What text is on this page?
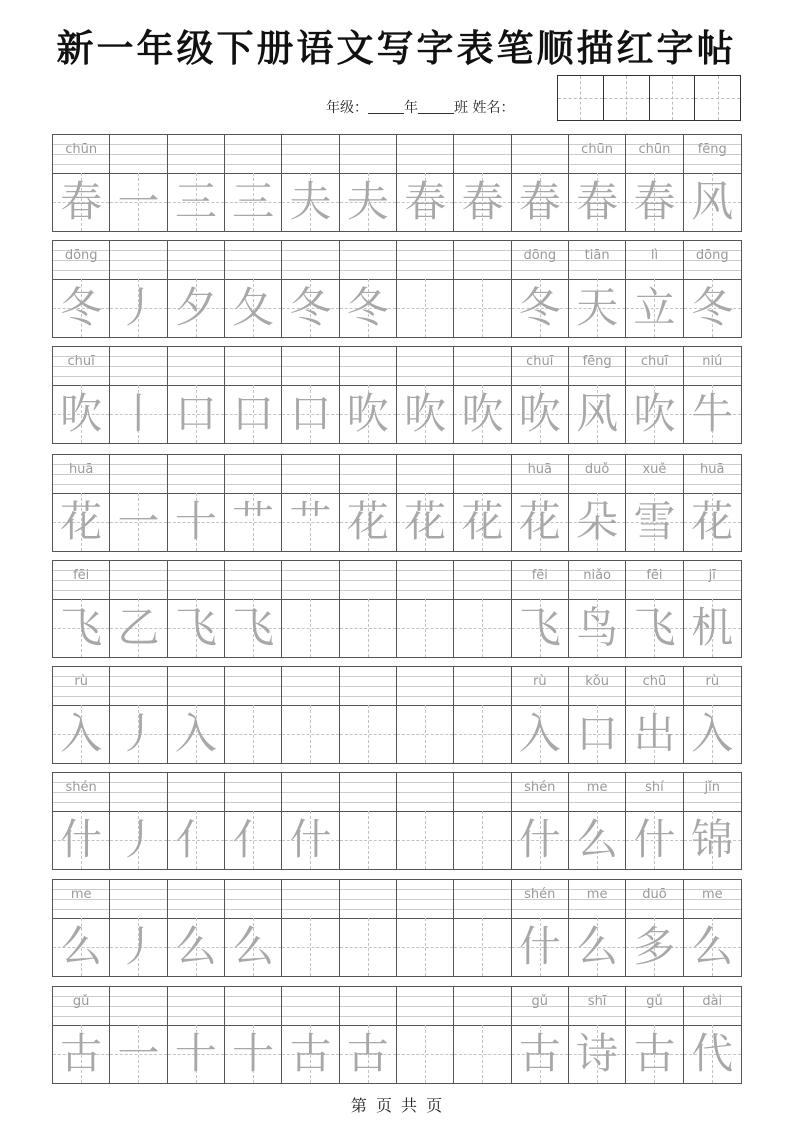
新一年级下册语文写字表笔顺描红字帖
年级：	年	班 姓名：
chūn
春 一 三 三 夫 夫 春 春 春
chūn
春
chūn
春
fēng
风
dōng
冬 丿 夕 夂 冬 冬
dōng
冬
tiān
天
lì
立
dōng
冬
chuī
吹 丨 口 口 口 吹 吹 吹
chuī
吹
fēng
风
chuī
吹
niú
牛
huā
花 一 十 艹 艹 花 花 花
huā
花
duǒ
朵
xuě
雪
huā
花
fēi
飞 乙 飞 飞
fēi
飞
niǎo
鸟
fēi
飞
jī
机
rù
入 丿 入
rù
入
kǒu
口
chū
出
rù
入
shén
什 丿 亻 亻 什
shén
什
me
么
shí
什
jǐn
锦
me
么 丿 么 么
shén
什
me
么
duō
多
me
么
gǔ
古 一 十 十 古 古
gǔ
古
shī
诗
gǔ
古
dài
代
第 页 共 页
